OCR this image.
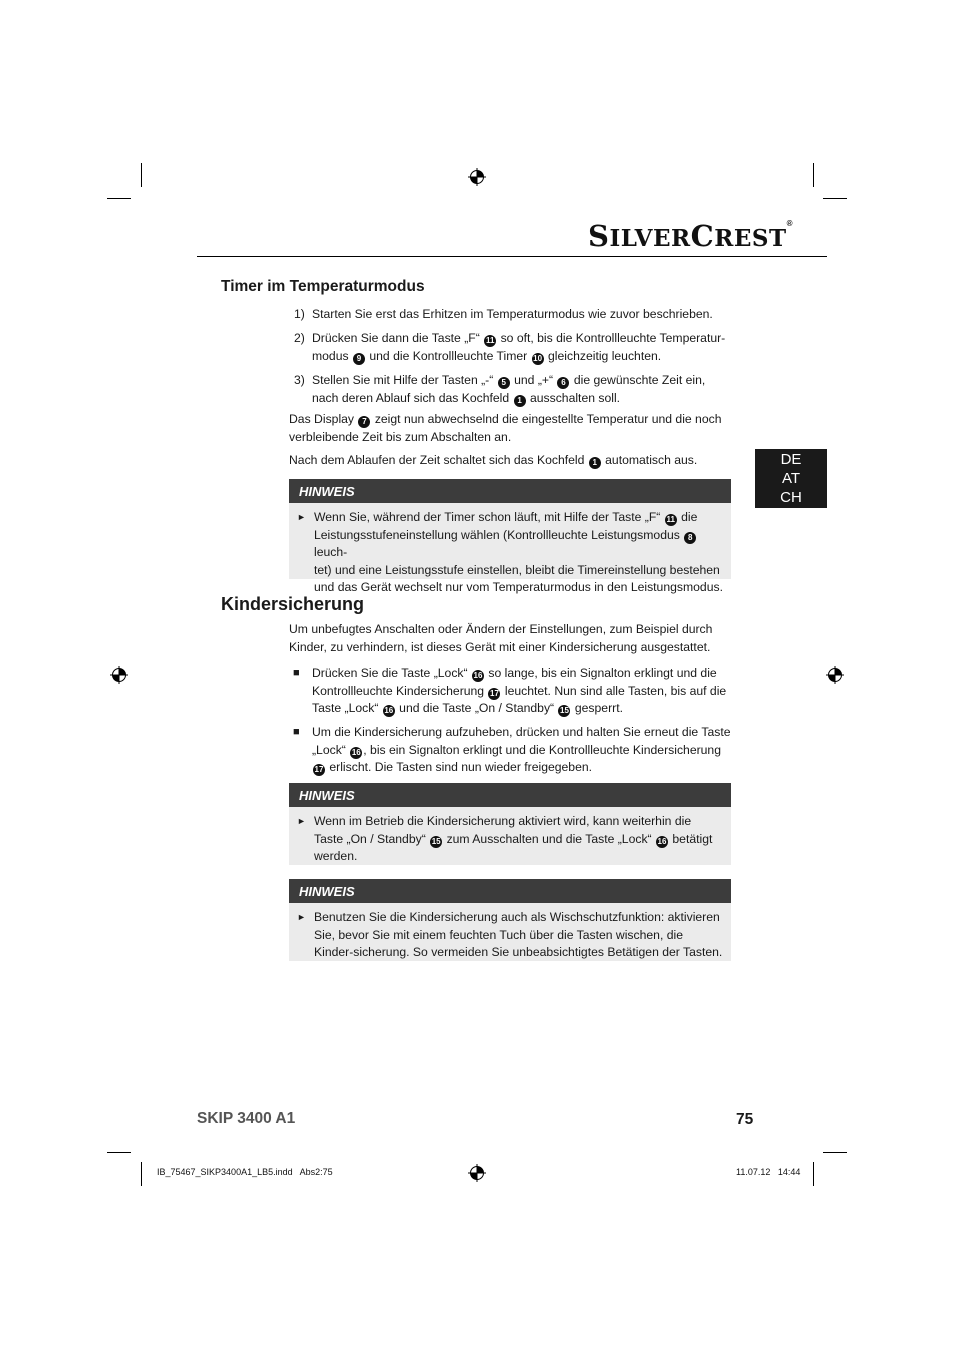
SILVERCREST®
DE
AT
CH
Timer im Temperaturmodus
1) Starten Sie erst das Erhitzen im Temperaturmodus wie zuvor beschrieben.
2) Drücken Sie dann die Taste „F“ 11 so oft, bis die Kontrollleuchte Temperatur-
modus 9 und die Kontrollleuchte Timer 10 gleichzeitig leuchten.
3) Stellen Sie mit Hilfe der Tasten „-“ 5 und „+“ 6 die gewünschte Zeit ein,
nach deren Ablauf sich das Kochfeld 1 ausschalten soll.
Das Display 7 zeigt nun abwechselnd die eingestellte Temperatur und die noch
verbleibende Zeit bis zum Abschalten an.
Nach dem Ablaufen der Zeit schaltet sich das Kochfeld 1 automatisch aus.
HINWEIS
► Wenn Sie, während der Timer schon läuft, mit Hilfe der Taste „F“ 11 die
Leistungsstufeneinstellung wählen (Kontrollleuchte Leistungsmodus 8 leuch-
tet) und eine Leistungsstufe einstellen, bleibt die Timereinstellung bestehen
und das Gerät wechselt nur vom Temperaturmodus in den Leistungsmodus.
Kindersicherung
Um unbefugtes Anschalten oder Ändern der Einstellungen, zum Beispiel durch Kinder, zu verhindern, ist dieses Gerät mit einer Kindersicherung ausgestattet.
■ Drücken Sie die Taste „Lock“ 16 so lange, bis ein Signalton erklingt und die
Kontrollleuchte Kindersicherung 17 leuchtet. Nun sind alle Tasten, bis auf die
Taste „Lock“ 16 und die Taste „On / Standby“ 15 gesperrt.
■ Um die Kindersicherung aufzuheben, drücken und halten Sie erneut die Taste
„Lock“ 16 , bis ein Signalton erklingt und die Kontrollleuchte Kindersicherung
17 erlischt. Die Tasten sind nun wieder freigegeben.
HINWEIS
► Wenn im Betrieb die Kindersicherung aktiviert wird, kann weiterhin die
Taste „On / Standby“ 15 zum Ausschalten und die Taste „Lock“ 16 betätigt
werden.
HINWEIS
► Benutzen Sie die Kindersicherung auch als Wischschutzfunktion: aktivieren Sie, bevor Sie mit einem feuchten Tuch über die Tasten wischen, die Kinder-sicherung. So vermeiden Sie unbeabsichtigtes Betätigen der Tasten.
SKIP 3400 A1	75
IB_75467_SIKP3400A1_LB5.indd   Abs2:75	11.07.12   14:44
